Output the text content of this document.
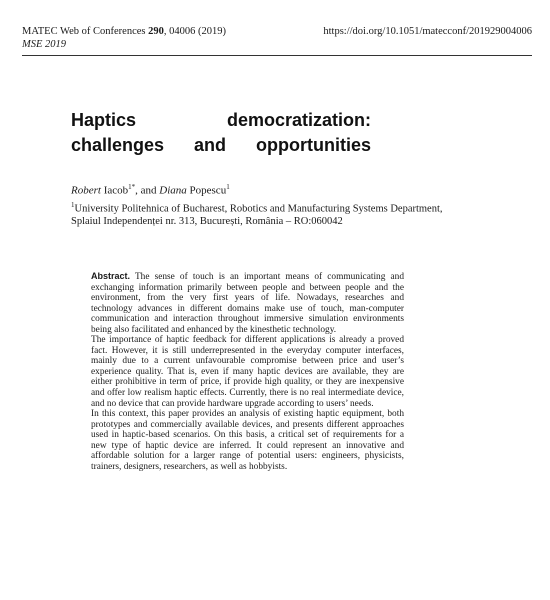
MATEC Web of Conferences 290, 04006 (2019)	https://doi.org/10.1051/matecconf/201929004006
MSE 2019
Haptics	democratization:
challenges and opportunities
Robert Iacob$^{1*}$, and Diana Popescu$^1$
$^1$University Politehnica of Bucharest, Robotics and Manufacturing Systems Department,
Splaiul Independenței nr. 313, București, România – RO:060042

Abstract. The sense of touch is an important means of communicating and exchanging information primarily between people and between people and the environment, from the very first years of life. Nowadays, researches and technology advances in different domains make use of touch, man-computer communication and interaction throughout immersive simulation environments being also facilitated and enhanced by the kinesthetic technology.

The importance of haptic feedback for different applications is already a proved fact. However, it is still underrepresented in the everyday computer interfaces, mainly due to a current unfavourable compromise between price and user’s experience quality. That is, even if many haptic devices are available, they are either prohibitive in term of price, if provide high quality, or they are inexpensive and offer low realism haptic effects. Currently, there is no real intermediate device, and no device that can provide hardware upgrade according to users’ needs.

In this context, this paper provides an analysis of existing haptic equipment, both prototypes and commercially available devices, and presents different approaches used in haptic-based scenarios. On this basis, a critical set of requirements for a new type of haptic device are inferred. It could represent an innovative and affordable solution for a larger range of potential users: engineers, physicists, trainers, designers, researchers, as well as hobbyists.
